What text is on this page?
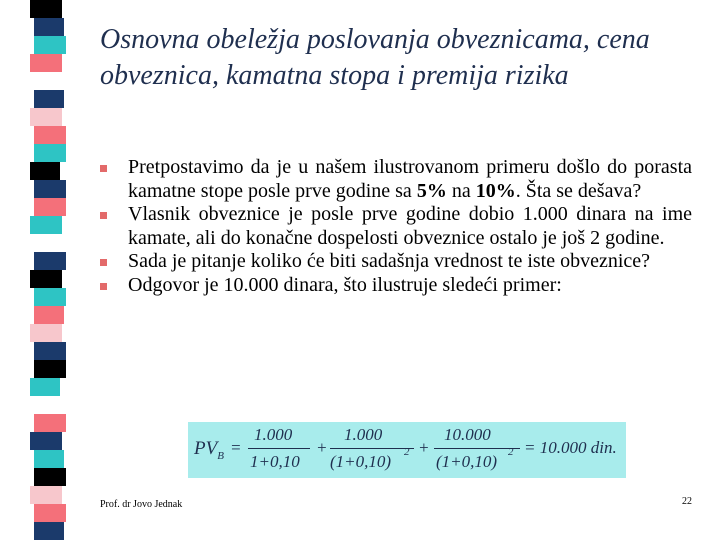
Osnovna obeležja poslovanja obveznicama, cena obveznica, kamatna stopa i premija rizika
Pretpostavimo da je u našem ilustrovanom primeru došlo do porasta kamatne stope posle prve godine sa 5% na 10%. Šta se dešava?
Vlasnik obveznice je posle prve godine dobio 1.000 dinara na ime kamate, ali do konačne dospelosti obveznice ostalo je još 2 godine.
Sada je pitanje koliko će biti sadašnja vrednost te iste obveznice?
Odgovor je 10.000 dinara, što ilustruje sledeći primer:
$PV_B$ =
1.000
1+0,10
+
1.000
(1+0,10) 2 +
10.000
(1+0,10) 2 = 10.000 din.
Prof. dr Jovo Jednak	22
